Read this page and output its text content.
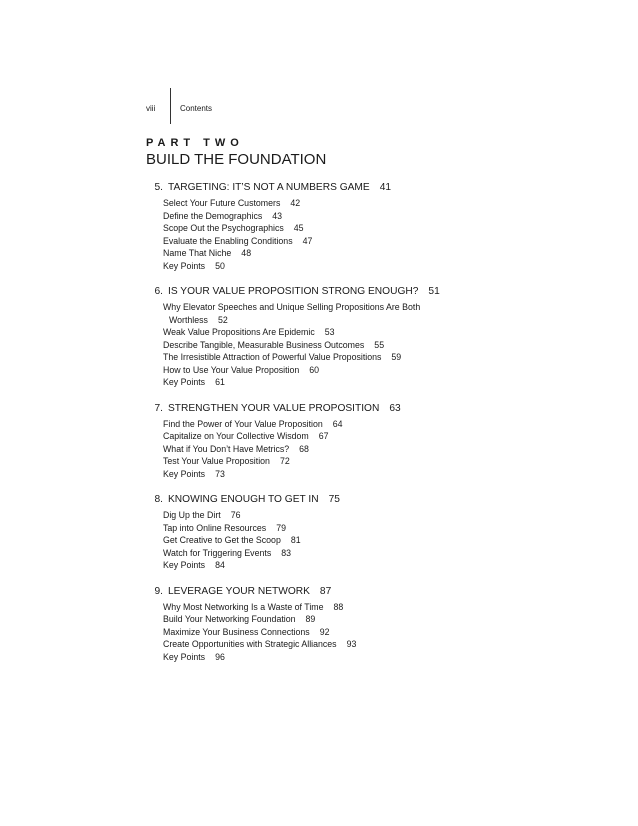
viii	Contents
PART TWO
BUILD THE FOUNDATION
5. TARGETING: IT’S NOT A NUMBERS GAME 41
Select Your Future Customers 42
Define the Demographics 43
Scope Out the Psychographics 45
Evaluate the Enabling Conditions 47
Name That Niche 48
Key Points 50
6. IS YOUR VALUE PROPOSITION STRONG ENOUGH? 51
Why Elevator Speeches and Unique Selling Propositions Are Both
Worthless 52
Weak Value Propositions Are Epidemic 53
Describe Tangible, Measurable Business Outcomes 55
The Irresistible Attraction of Powerful Value Propositions 59
How to Use Your Value Proposition 60
Key Points 61
7. STRENGTHEN YOUR VALUE PROPOSITION 63
Find the Power of Your Value Proposition 64
Capitalize on Your Collective Wisdom 67
What if You Don’t Have Metrics? 68
Test Your Value Proposition 72
Key Points 73
8. KNOWING ENOUGH TO GET IN 75
Dig Up the Dirt 76
Tap into Online Resources 79
Get Creative to Get the Scoop 81
Watch for Triggering Events 83
Key Points 84
9. LEVERAGE YOUR NETWORK 87
Why Most Networking Is a Waste of Time 88
Build Your Networking Foundation 89
Maximize Your Business Connections 92
Create Opportunities with Strategic Alliances 93
Key Points 96
